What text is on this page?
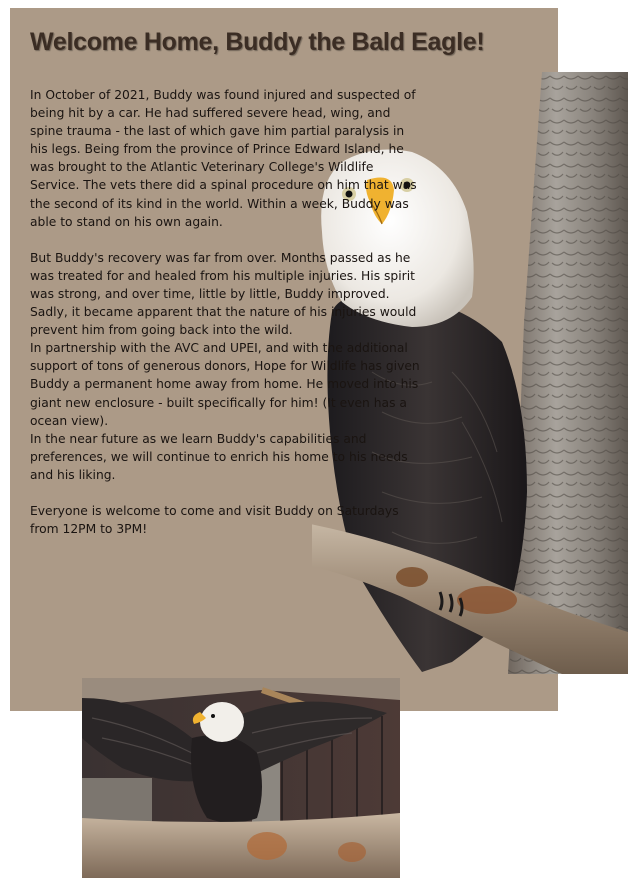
Welcome Home, Buddy the Bald Eagle!

In October of 2021, Buddy was found injured and suspected of being hit by a car. He had suffered severe head, wing, and spine trauma - the last of which gave him partial paralysis in his legs. Being from the province of Prince Edward Island, he was brought to the Atlantic Veterinary College's Wildlife Service. The vets there did a spinal procedure on him that was the second of its kind in the world. Within a week, Buddy was able to stand on his own again.

But Buddy's recovery was far from over. Months passed as he was treated for and healed from his multiple injuries. His spirit was strong, and over time, little by little, Buddy improved. Sadly, it became apparent that the nature of his injuries would prevent him from going back into the wild.

In partnership with the AVC and UPEI, and with the additional support of tons of generous donors, Hope for Wildlife has given Buddy a permanent home away from home. He moved into his giant new enclosure - built specifically for him! (It even has a ocean view).

In the near future as we learn Buddy's capabilities and preferences, we will continue to enrich his home to his needs and his liking.

Everyone is welcome to come and visit Buddy on Saturdays from 12PM to 3PM!
